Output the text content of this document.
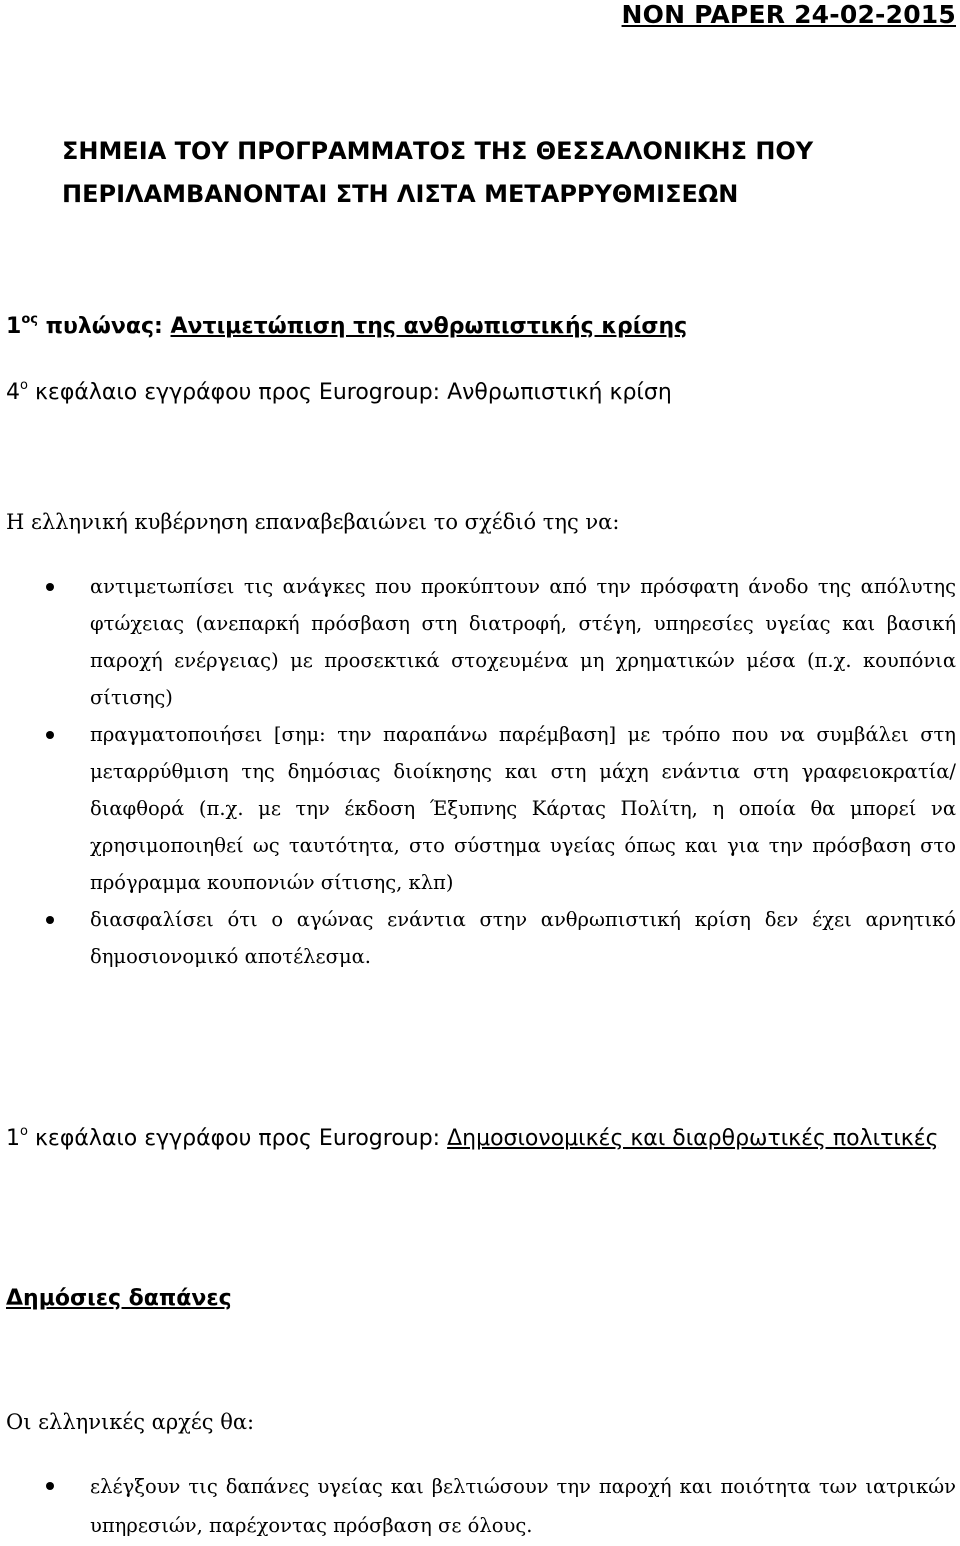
NON PAPER 24-02-2015
ΣΗΜΕΙΑ ΤΟΥ ΠΡΟΓΡΑΜΜΑΤΟΣ ΤΗΣ ΘΕΣΣΑΛΟΝΙΚΗΣ ΠΟΥ ΠΕΡΙΛΑΜΒΑΝΟΝΤΑΙ ΣΤΗ ΛΙΣΤΑ ΜΕΤΑΡΡΥΘΜΙΣΕΩΝ
$1^{o\varsigma}$ πυλώνας: Αντιμετώπιση της ανθρωπιστικής κρίσης
$4^o$ κεφάλαιο εγγράφου προς Eurogroup: Ανθρωπιστική κρίση
Η ελληνική κυβέρνηση επαναβεβαιώνει το σχέδιό της να:
αντιμετωπίσει τις ανάγκες που προκύπτουν από την πρόσφατη άνοδο της απόλυτης φτώχειας (ανεπαρκή πρόσβαση στη διατροφή, στέγη, υπηρεσίες υγείας και βασική παροχή ενέργειας) με προσεκτικά στοχευμένα μη χρηματικών μέσα (π.χ. κουπόνια σίτισης)
πραγματοποιήσει [σημ: την παραπάνω παρέμβαση] με τρόπο που να συμβάλει στη μεταρρύθμιση της δημόσιας διοίκησης και στη μάχη ενάντια στη γραφειοκρατία/διαφθορά (π.χ. με την έκδοση Έξυπνης Κάρτας Πολίτη, η οποία θα μπορεί να χρησιμοποιηθεί ως ταυτότητα, στο σύστημα υγείας όπως και για την πρόσβαση στο πρόγραμμα κουπονιών σίτισης, κλπ)
διασφαλίσει ότι ο αγώνας ενάντια στην ανθρωπιστική κρίση δεν έχει αρνητικό δημοσιονομικό αποτέλεσμα.
$1^o$ κεφάλαιο εγγράφου προς Eurogroup: Δημοσιονομικές και διαρθρωτικές πολιτικές
Δημόσιες δαπάνες
Οι ελληνικές αρχές θα:
ελέγξουν τις δαπάνες υγείας και βελτιώσουν την παροχή και ποιότητα των ιατρικών υπηρεσιών, παρέχοντας πρόσβαση σε όλους.
